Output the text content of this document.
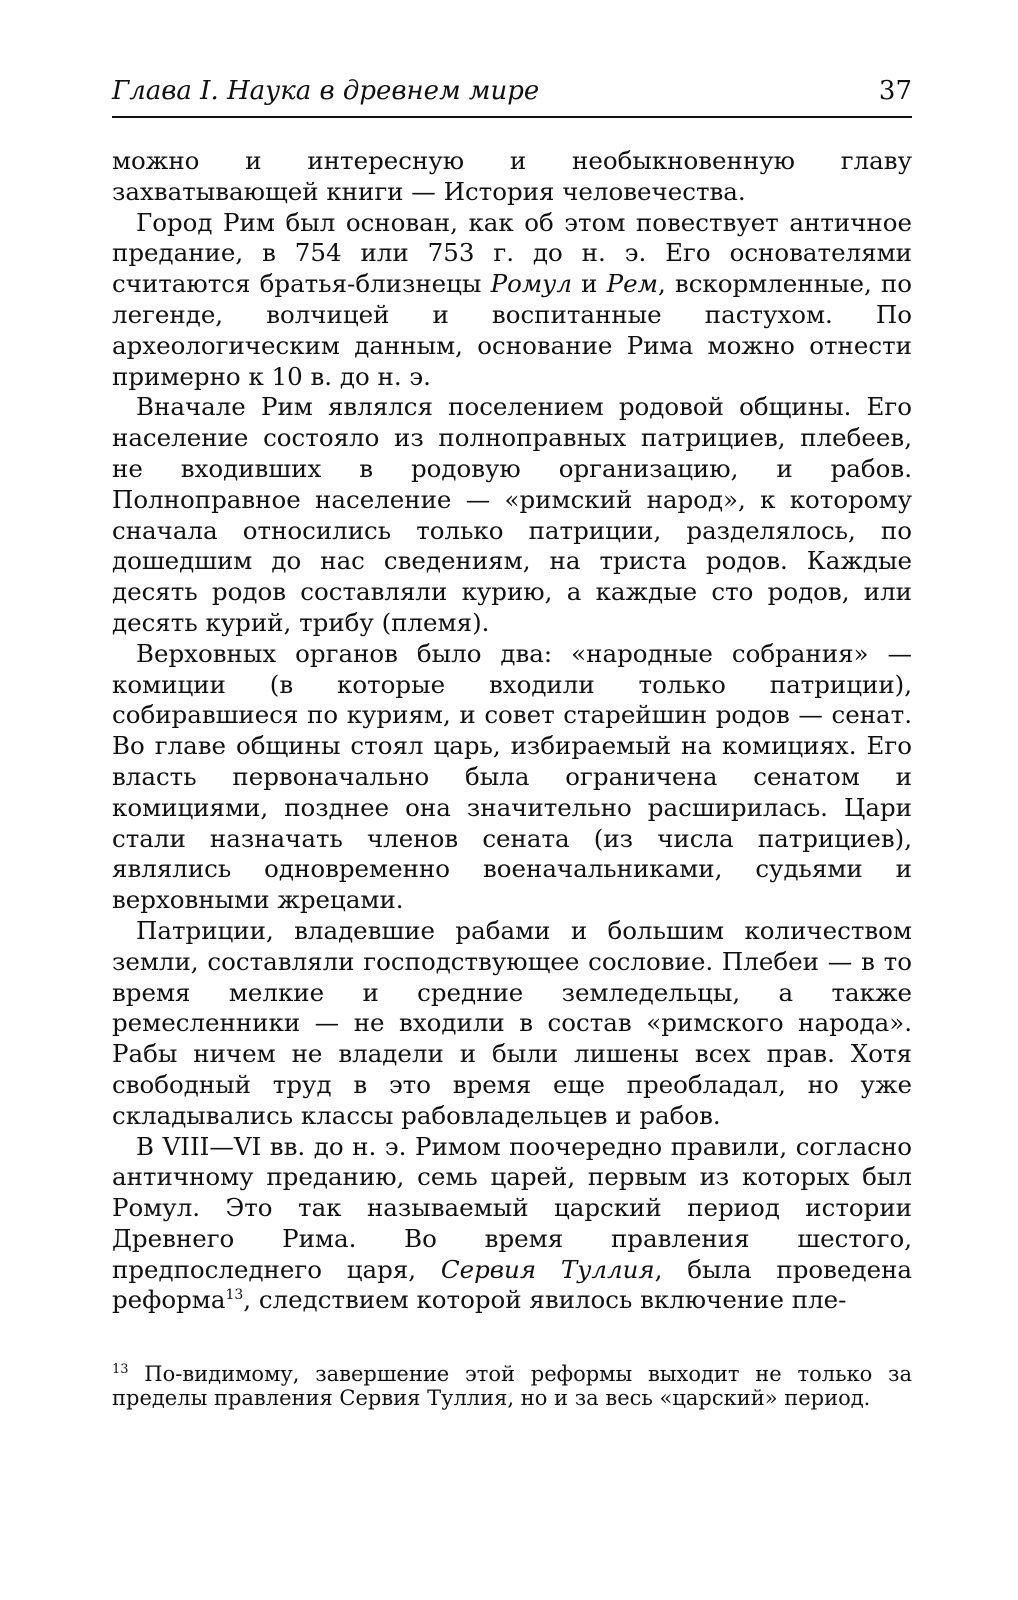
Глава I. Наука в древнем мире	37

можно и интересную и необыкновенную главу захватывающей книги — История человечества.

Город Рим был основан, как об этом повествует античное предание, в 754 или 753 г. до н. э. Его основателями считаются братья-близнецы Ромул и Рем, вскормленные, по легенде, волчицей и воспитанные пастухом. По археологическим данным, основание Рима можно отнести примерно к 10 в. до н. э.

Вначале Рим являлся поселением родовой общины. Его население состояло из полноправных патрициев, плебеев, не входивших в родовую организацию, и рабов. Полноправное население — «римский народ», к которому сначала относились только патриции, разделялось, по дошедшим до нас сведениям, на триста родов. Каждые десять родов составляли курию, а каждые сто родов, или десять курий, трибу (племя).

Верховных органов было два: «народные собрания» — комиции (в которые входили только патриции), собиравшиеся по куриям, и совет старейшин родов — сенат. Во главе общины стоял царь, избираемый на комициях. Его власть первоначально была ограничена сенатом и комициями, позднее она значительно расширилась. Цари стали назначать членов сената (из числа патрициев), являлись одновременно военачальниками, судьями и верховными жрецами.

Патриции, владевшие рабами и большим количеством земли, составляли господствующее сословие. Плебеи — в то время мелкие и средние земледельцы, а также ремесленники — не входили в состав «римского народа». Рабы ничем не владели и были лишены всех прав. Хотя свободный труд в это время еще преобладал, но уже складывались классы рабовладельцев и рабов.

В VIII—VI вв. до н. э. Римом поочередно правили, согласно античному преданию, семь царей, первым из которых был Ромул. Это так называемый царский период истории Древнего Рима. Во время правления шестого, предпоследнего царя, Сервия Туллия, была проведена реформа$^{13}$, следствием которой явилось включение пле-

$^{13}$ По-видимому, завершение этой реформы выходит не только за пределы правления Сервия Туллия, но и за весь «царский» период.
